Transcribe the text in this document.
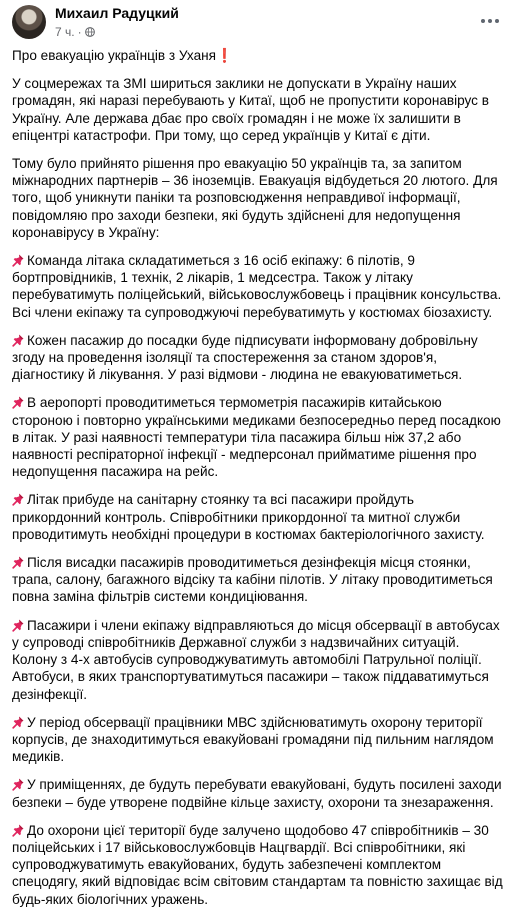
Михаил Радуцкий
7 ч. ·

Про евакуацію українців з Уханя❗

У соцмережах та ЗМІ шириться заклики не допускати в Україну наших громадян, які наразі перебувають у Китаї, щоб не пропустити коронавірус в Україну. Але держава дбає про своїх громадян і не може їх залишити в епіцентрі катастрофи. При тому, що серед українців у Китаї є діти.

Тому було прийнято рішення про евакуацію 50 українців та, за запитом міжнародних партнерів – 36 іноземців. Евакуація відбудеться 20 лютого. Для того, щоб уникнути паніки та розповсюдження неправдивої інформації, повідомляю про заходи безпеки, які будуть здійснені для недопущення коронавірусу в Україну:

Команда літака складатиметься з 16 осіб екіпажу: 6 пілотів, 9 бортпровідників, 1 технік, 2 лікарів, 1 медсестра. Також у літаку перебуватимуть поліцейський, військовослужбовець і працівник консульства. Всі члени екіпажу та супроводжуючі перебуватимуть у костюмах біозахисту.

Кожен пасажир до посадки буде підписувати інформовану добровільну згоду на проведення ізоляції та спостереження за станом здоров'я, діагностику й лікування. У разі відмови - людина не евакуюватиметься.

В аеропорті проводитиметься термометрія пасажирів китайською стороною і повторно українськими медиками безпосередньо перед посадкою в літак. У разі наявності температури тіла пасажира більш ніж 37,2 або наявності респіраторної інфекції - медперсонал прийматиме рішення про недопущення пасажира на рейс.

Літак прибуде на санітарну стоянку та всі пасажири пройдуть прикордонний контроль. Співробітники прикордонної та митної служби проводитимуть необхідні процедури в костюмах бактеріологічного захисту.

Після висадки пасажирів проводитиметься дезінфекція місця стоянки, трапа, салону, багажного відсіку та кабіни пілотів. У літаку проводитиметься повна заміна фільтрів системи кондиціювання.

Пасажири і члени екіпажу відправляються до місця обсервації в автобусах у супроводі співробітників Державної служби з надзвичайних ситуацій. Колону з 4-х автобусів супроводжуватимуть автомобілі Патрульної поліції. Автобуси, в яких транспортуватимуться пасажири – також піддаватимуться дезінфекції.

У період обсервації працівники МВС здійснюватимуть охорону території корпусів, де знаходитимуться евакуйовані громадяни під пильним наглядом медиків.

У приміщеннях, де будуть перебувати евакуйовані, будуть посилені заходи безпеки – буде утворене подвійне кільце захисту, охорони та знезараження.

До охорони цієї території буде залучено щодобово 47 співробітників – 30 поліцейських і 17 військовослужбовців Нацгвардії. Всі співробітники, які супроводжуватимуть евакуйованих, будуть забезпечені комплектом спецодягу, який відповідає всім світовим стандартам та повністю захищає від будь-яких біологічних уражень.
